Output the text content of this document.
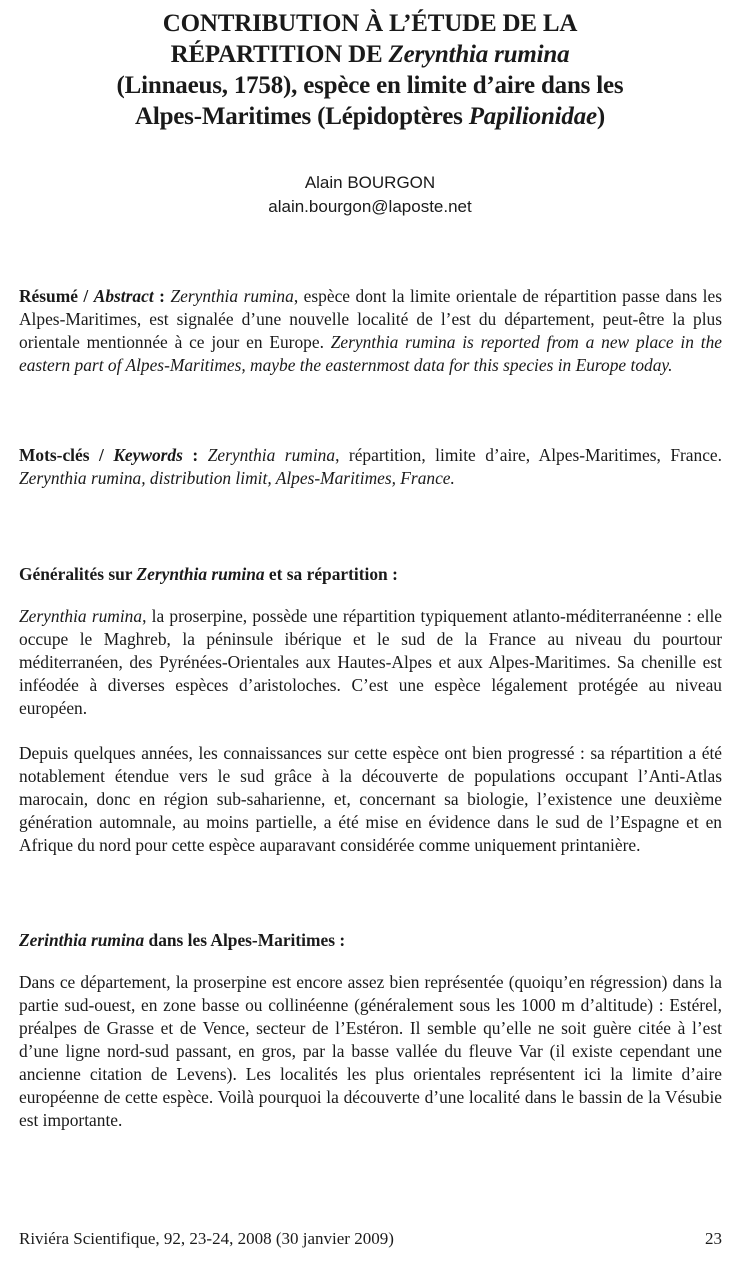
CONTRIBUTION À L’ÉTUDE DE LA
RÉPARTITION DE Zerynthia rumina
(Linnaeus, 1758), espèce en limite d’aire dans les
Alpes-Maritimes (Lépidoptères Papilionidae)
Alain BOURGON
alain.bourgon@laposte.net
Résumé / Abstract : Zerynthia rumina, espèce dont la limite orientale de répartition passe dans les Alpes-Maritimes, est signalée d’une nouvelle localité de l’est du département, peut-être la plus orientale mentionnée à ce jour en Europe. Zerynthia rumina is reported from a new place in the eastern part of Alpes-Maritimes, maybe the easternmost data for this species in Europe today.
Mots-clés / Keywords : Zerynthia rumina, répartition, limite d’aire, Alpes-Maritimes, France. Zerynthia rumina, distribution limit, Alpes-Maritimes, France.
Généralités sur Zerynthia rumina et sa répartition :
Zerynthia rumina, la proserpine, possède une répartition typiquement atlanto-méditerranéenne : elle occupe le Maghreb, la péninsule ibérique et le sud de la France au niveau du pourtour méditerranéen, des Pyrénées-Orientales aux Hautes-Alpes et aux Alpes-Maritimes. Sa chenille est inféodée à diverses espèces d’aristoloches. C’est une espèce légalement protégée au niveau européen.
Depuis quelques années, les connaissances sur cette espèce ont bien progressé : sa répartition a été notablement étendue vers le sud grâce à la découverte de populations occupant l’Anti-Atlas marocain, donc en région sub-saharienne, et, concernant sa biologie, l’existence une deuxième génération automnale, au moins partielle, a été mise en évidence dans le sud de l’Espagne et en Afrique du nord pour cette espèce auparavant considérée comme uniquement printanière.
Zerinthia rumina dans les Alpes-Maritimes :
Dans ce département, la proserpine est encore assez bien représentée (quoiqu’en régression) dans la partie sud-ouest, en zone basse ou collinéenne (généralement sous les 1000 m d’altitude) : Estérel, préalpes de Grasse et de Vence, secteur de l’Estéron. Il semble qu’elle ne soit guère citée à l’est d’une ligne nord-sud passant, en gros, par la basse vallée du fleuve Var (il existe cependant une ancienne citation de Levens). Les localités les plus orientales représentent ici la limite d’aire européenne de cette espèce. Voilà pourquoi la découverte d’une localité dans le bassin de la Vésubie est importante.
Riviéra Scientifique, 92, 23-24, 2008 (30 janvier 2009)	23
